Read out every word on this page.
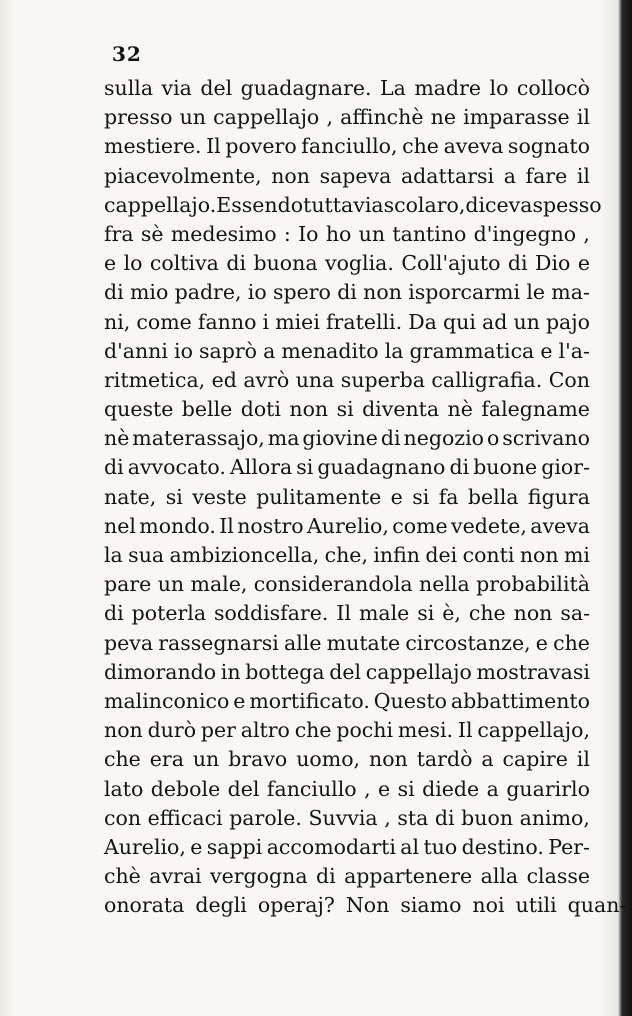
32
sulla via del guadagnare. La madre lo collocò
presso un cappellajo , affinchè ne imparasse il
mestiere. Il povero fanciullo, che aveva sognato
piacevolmente, non sapeva adattarsi a fare il
cappellajo. Essendo tuttavia scolaro, diceva spesso
fra sè medesimo : Io ho un tantino d'ingegno ,
e lo coltiva di buona voglia. Coll'ajuto di Dio e
di mio padre, io spero di non isporcarmi le ma-
ni, come fanno i miei fratelli. Da qui ad un pajo
d'anni io saprò a menadito la grammatica e l'a-
ritmetica, ed avrò una superba calligrafia. Con
queste belle doti non si diventa nè falegname
nè materassajo, ma giovine di negozio o scrivano
di avvocato. Allora si guadagnano di buone gior-
nate, si veste pulitamente e si fa bella figura
nel mondo. Il nostro Aurelio, come vedete, aveva
la sua ambizioncella, che, infin dei conti non mi
pare un male, considerandola nella probabilità
di poterla soddisfare. Il male si è, che non sa-
peva rassegnarsi alle mutate circostanze, e che
dimorando in bottega del cappellajo mostravasi
malinconico e mortificato. Questo abbattimento
non durò per altro che pochi mesi. Il cappellajo,
che era un bravo uomo, non tardò a capire il
lato debole del fanciullo , e si diede a guarirlo
con efficaci parole. Suvvia , sta di buon animo,
Aurelio, e sappi accomodarti al tuo destino. Per-
chè avrai vergogna di appartenere alla classe
onorata degli operaj? Non siamo noi utili quan-
